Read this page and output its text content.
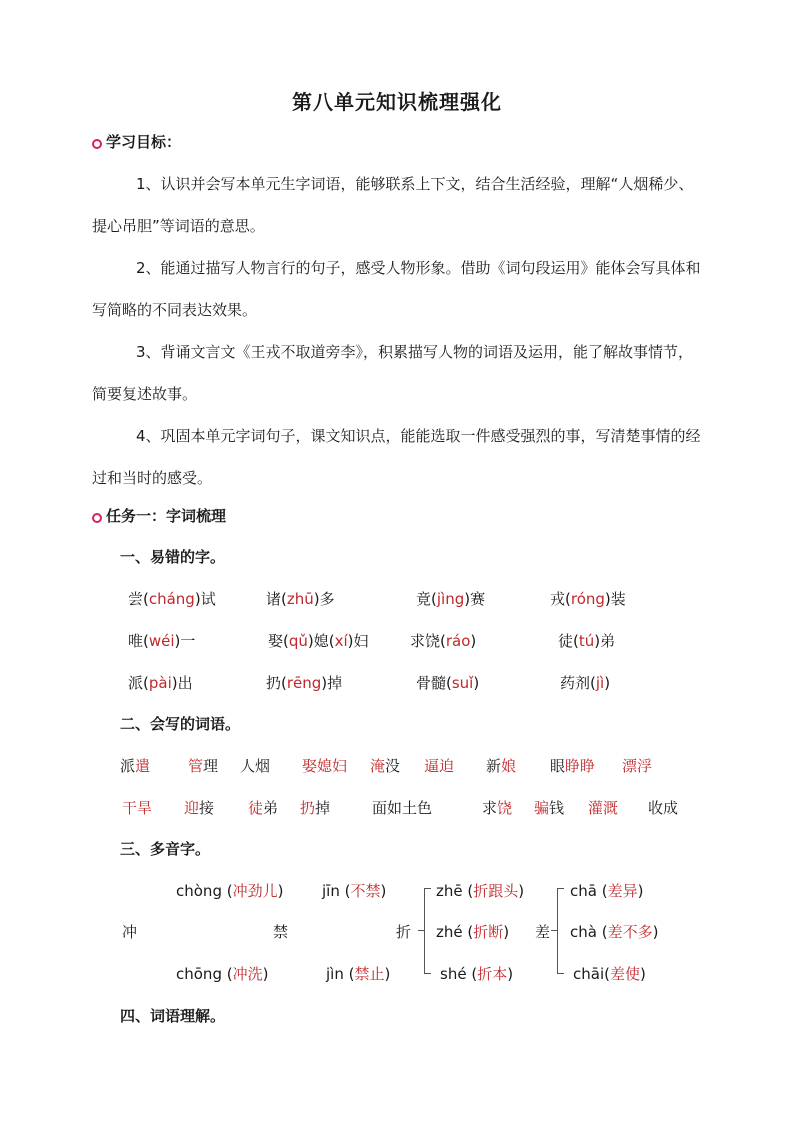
第八单元知识梳理强化
学习目标：
1、认识并会写本单元生字词语，能够联系上下文，结合生活经验，理解“人烟稀少、提心吊胆”等词语的意思。
2、能通过描写人物言行的句子，感受人物形象。借助《词句段运用》能体会写具体和写简略的不同表达效果。
3、背诵文言文《王戎不取道旁李》，积累描写人物的词语及运用，能了解故事情节，简要复述故事。
4、巩固本单元字词句子，课文知识点，能能选取一件感受强烈的事，写清楚事情的经过和当时的感受。
任务一：字词梳理
一、易错的字。
尝(cháng)试	诸(zhū)多	竟(jìng)赛	戎(róng)装
唯(wéi)一	娶(qǔ)媳(xí)妇	求饶(ráo)	徒(tú)弟
派(pài)出	扔(rēng)掉	骨髓(suǐ)	药剂(jì)
二、会写的词语。
派遣	管理 人烟 娶媳妇 淹没 逼迫 新娘 眼睁睁 漂浮
干旱 迎接 徒弟 扔掉	面如土色	求饶 骗钱 灌溉 收成
三、多音字。
chòng (冲劲儿)
冲
chōng (冲洗)
jīn (不禁)
禁
jìn (禁止)
折
zhē (折跟头)
zhé (折断)
shé (折本)
差
chā (差异)
chà (差不多)
chāi(差使)
四、词语理解。
